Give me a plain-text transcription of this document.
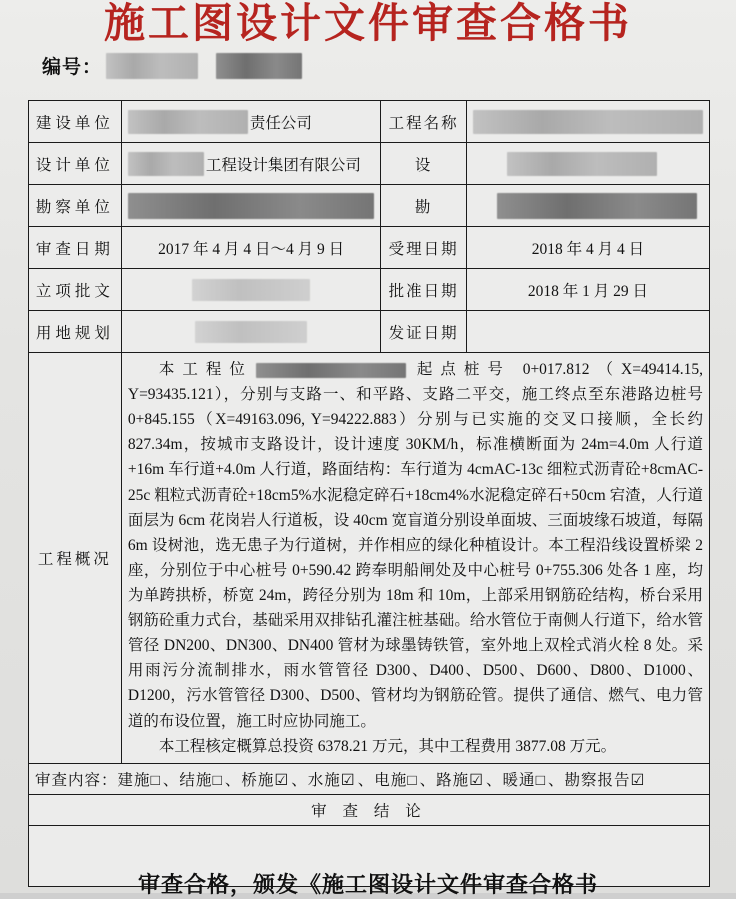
施工图设计文件审查合格书
编号：
建设单位	责任公司	工程名称	
设计单位	工程设计集团有限公司	设	
勘察单位		勘	
审查日期	2017 年 4 月 4 日～4 月 9 日	受理日期	2018 年 4 月 4 日
立项批文		批准日期	2018 年 1 月 29 日
用地规划		发证日期	
工程概况	本工程位 起点桩号 0+017.812（X=49414.15, Y=93435.121），分别与支路一、和平路、支路二平交，施工终点至东港路边桩号 0+845.155（X=49163.096, Y=94222.883）分别与已实施的交叉口接顺，全长约 827.34m，按城市支路设计，设计速度 30KM/h，标准横断面为 24m=4.0m 人行道+16m 车行道+4.0m 人行道，路面结构：车行道为 4cmAC-13c 细粒式沥青砼+8cmAC-25c 粗粒式沥青砼+18cm5%水泥稳定碎石+18cm4%水泥稳定碎石+50cm 宕渣，人行道面层为 6cm 花岗岩人行道板，设 40cm 宽盲道分别设单面坡、三面坡缘石坡道，每隔 6m 设树池，选无患子为行道树，并作相应的绿化种植设计。本工程沿线设置桥梁 2 座，分别位于中心桩号 0+590.42 跨奉明船闸处及中心桩号 0+755.306 处各 1 座，均为单跨拱桥，桥宽 24m，跨径分别为 18m 和 10m，上部采用钢筋砼结构，桥台采用钢筋砼重力式台，基础采用双排钻孔灌注桩基础。给水管位于南侧人行道下，给水管管径 DN200、DN300、DN400 管材为球墨铸铁管，室外地上双栓式消火栓 8 处。采用雨污分流制排水，雨水管管径 D300、D400、D500、D600、D800、D1000、D1200，污水管管径 D300、D500、管材均为钢筋砼管。提供了通信、燃气、电力管道的布设位置，施工时应协同施工。

本工程核定概算总投资 6378.21 万元，其中工程费用 3877.08 万元。		

审查内容：建施□ 、结施□ 、桥施☑ 、水施☑ 、电施□ 、路施☑ 、暖通□ 、勘察报告☑			
审 查 结 论			

审查合格，颁发《施工图设计文件审查合格书
